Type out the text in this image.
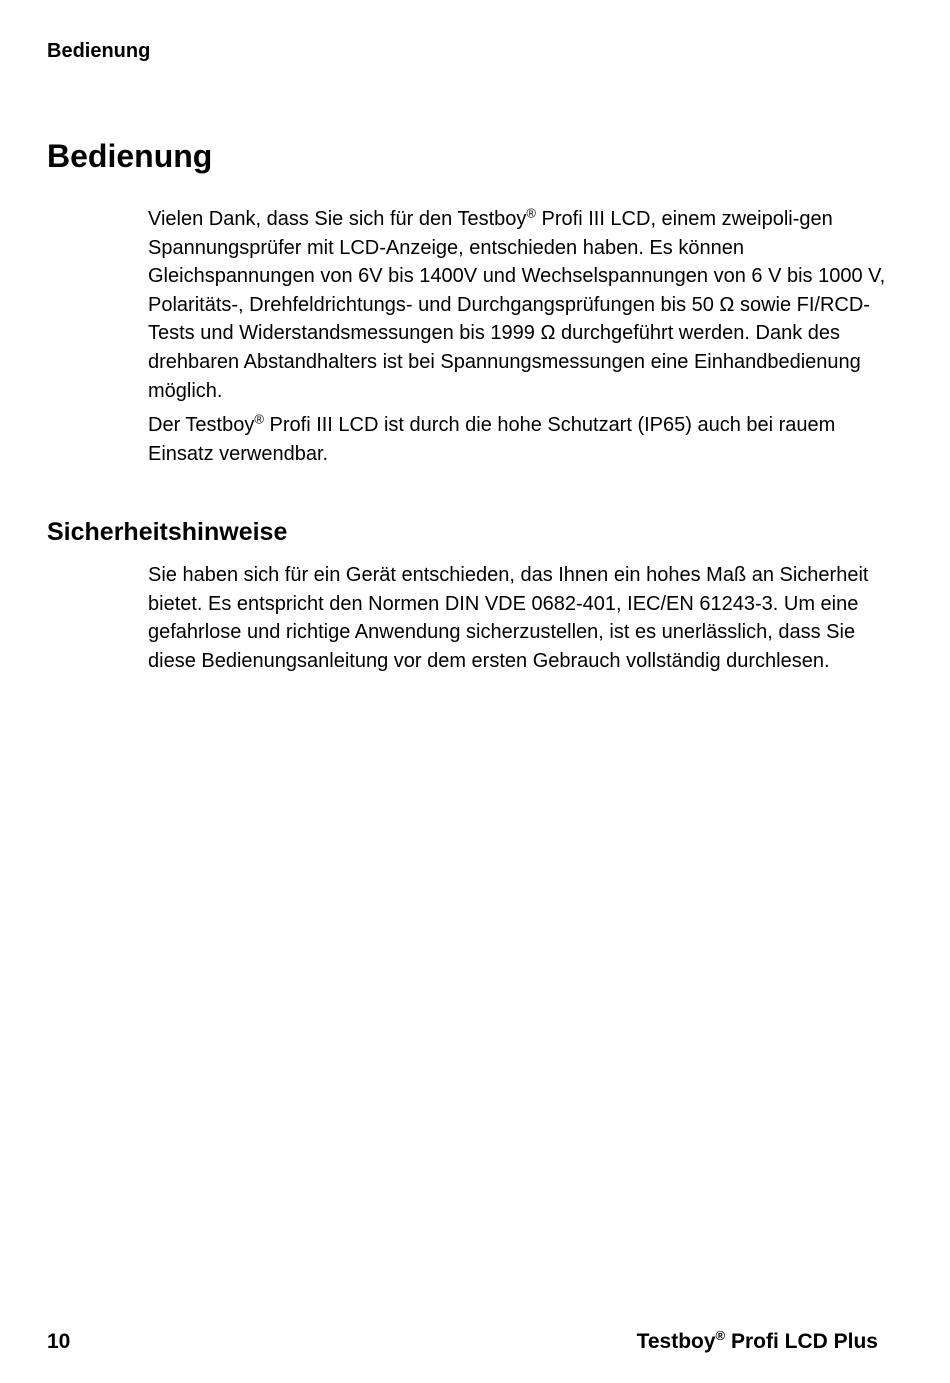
Bedienung
Bedienung

Vielen Dank, dass Sie sich für den Testboy® Profi III LCD, einem zweipoli-gen Spannungsprüfer mit LCD-Anzeige, entschieden haben. Es können Gleichspannungen von 6V bis 1400V und Wechselspannungen von 6 V bis 1000 V, Polaritäts-, Drehfeldrichtungs- und Durchgangsprüfungen bis 50 Ω sowie FI/RCD-Tests und Widerstandsmessungen bis 1999 Ω durchgeführt werden. Dank des drehbaren Abstandhalters ist bei Spannungsmessungen eine Einhandbedienung möglich.

Der Testboy® Profi III LCD ist durch die hohe Schutzart (IP65) auch bei rauem Einsatz verwendbar.

Sicherheitshinweise

Sie haben sich für ein Gerät entschieden, das Ihnen ein hohes Maß an Sicherheit bietet. Es entspricht den Normen DIN VDE 0682-401, IEC/EN 61243-3. Um eine gefahrlose und richtige Anwendung sicherzustellen, ist es unerlässlich, dass Sie diese Bedienungsanleitung vor dem ersten Gebrauch vollständig durchlesen.

10	Testboy® Profi LCD Plus
